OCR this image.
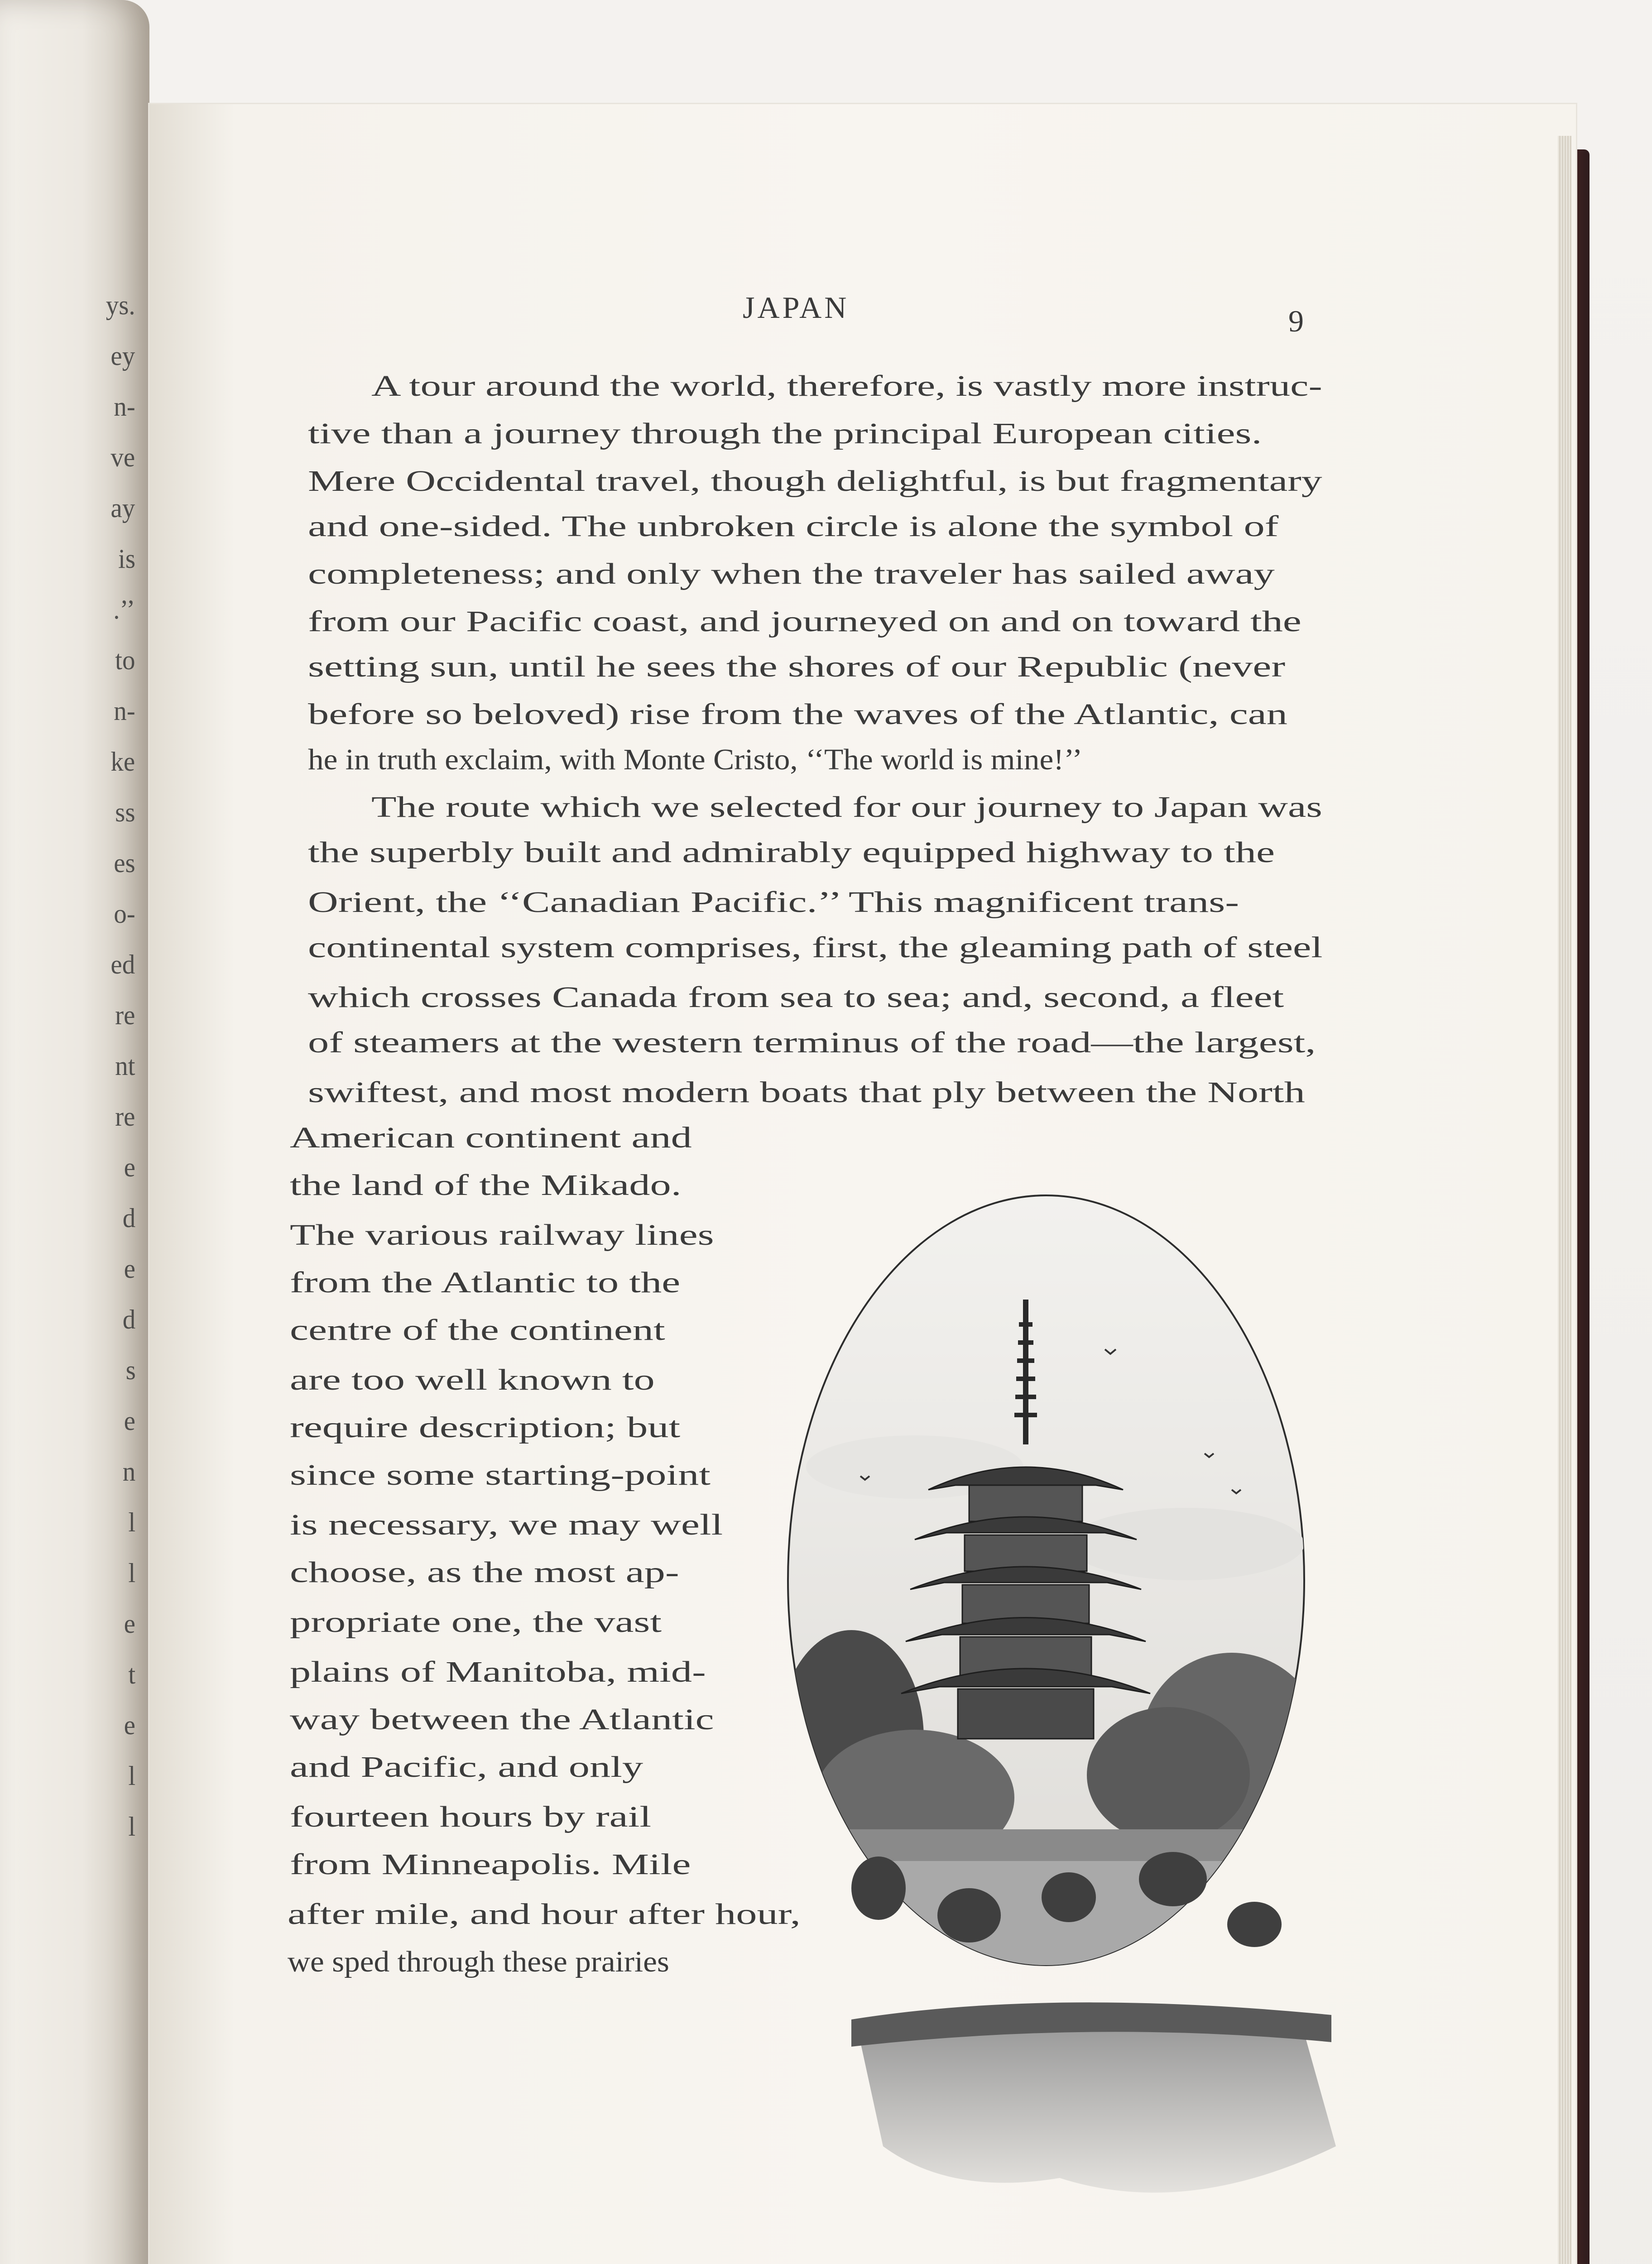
ys.
ey
n-
ve
ay
is
.’’
to
n-
ke
ss
es
o-
ed
re
nt
re
e
d
e
d
s
e
n
l
l
e
t
e
l
l
JAPAN	9
A tour around the world, therefore, is vastly more instruc-
tive than a journey through the principal European cities.
Mere Occidental travel, though delightful, is but fragmentary
and one-sided. The unbroken circle is alone the symbol of
completeness; and only when the traveler has sailed away
from our Pacific coast, and journeyed on and on toward the
setting sun, until he sees the shores of our Republic (never
before so beloved) rise from the waves of the Atlantic, can
he in truth exclaim, with Monte Cristo, ‘‘The world is mine!’’
The route which we selected for our journey to Japan was
the superbly built and admirably equipped highway to the
Orient, the ‘‘Canadian Pacific.’’ This magnificent trans-
continental system comprises, first, the gleaming path of steel
which crosses Canada from sea to sea; and, second, a fleet
of steamers at the western terminus of the road—the largest,
swiftest, and most modern boats that ply between the North
American continent and
the land of the Mikado.
The various railway lines
from the Atlantic to the
centre of the continent
are too well known to
require description; but
since some starting-point
is necessary, we may well
choose, as the most ap-
propriate one, the vast
plains of Manitoba, mid-
way between the Atlantic
and Pacific, and only
fourteen hours by rail
from Minneapolis. Mile
after mile, and hour after hour,
we sped through these prairies
